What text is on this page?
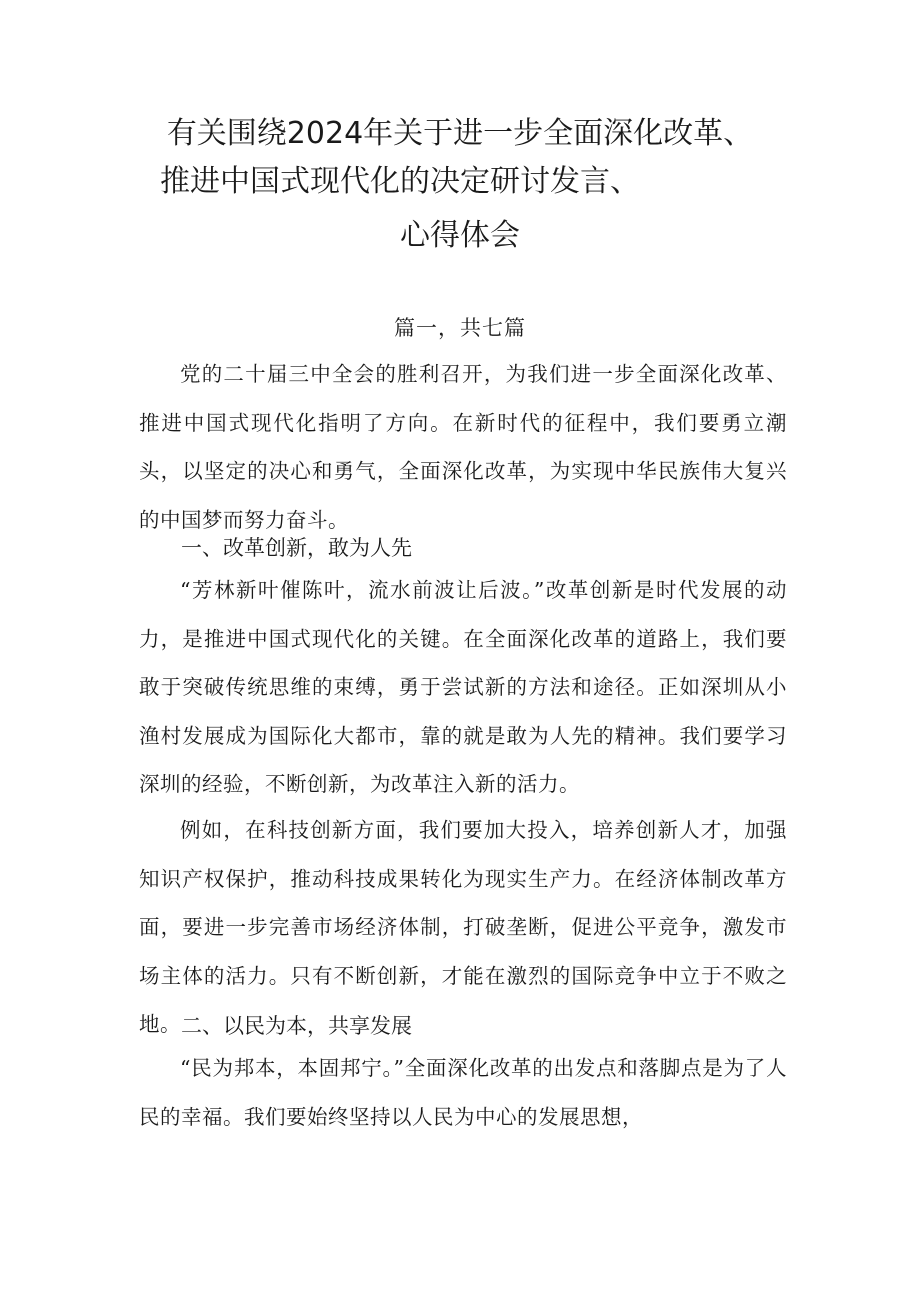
有关围绕2024年关于进一步全面深化改革、
推进中国式现代化的决定研讨发言、
心得体会
篇一，共七篇

党的二十届三中全会的胜利召开，为我们进一步全面深化改革、推进中国式现代化指明了方向。在新时代的征程中，我们要勇立潮头，以坚定的决心和勇气，全面深化改革，为实现中华民族伟大复兴的中国梦而努力奋斗。

一、改革创新，敢为人先

“芳林新叶催陈叶，流水前波让后波。”改革创新是时代发展的动力，是推进中国式现代化的关键。在全面深化改革的道路上，我们要敢于突破传统思维的束缚，勇于尝试新的方法和途径。正如深圳从小渔村发展成为国际化大都市，靠的就是敢为人先的精神。我们要学习深圳的经验，不断创新，为改革注入新的活力。

例如，在科技创新方面，我们要加大投入，培养创新人才，加强知识产权保护，推动科技成果转化为现实生产力。在经济体制改革方面，要进一步完善市场经济体制，打破垄断，促进公平竞争，激发市场主体的活力。只有不断创新，才能在激烈的国际竞争中立于不败之地。 二、以民为本，共享发展

“民为邦本，本固邦宁。”全面深化改革的出发点和落脚点是为了人民的幸福。我们要始终坚持以人民为中心的发展思想，
